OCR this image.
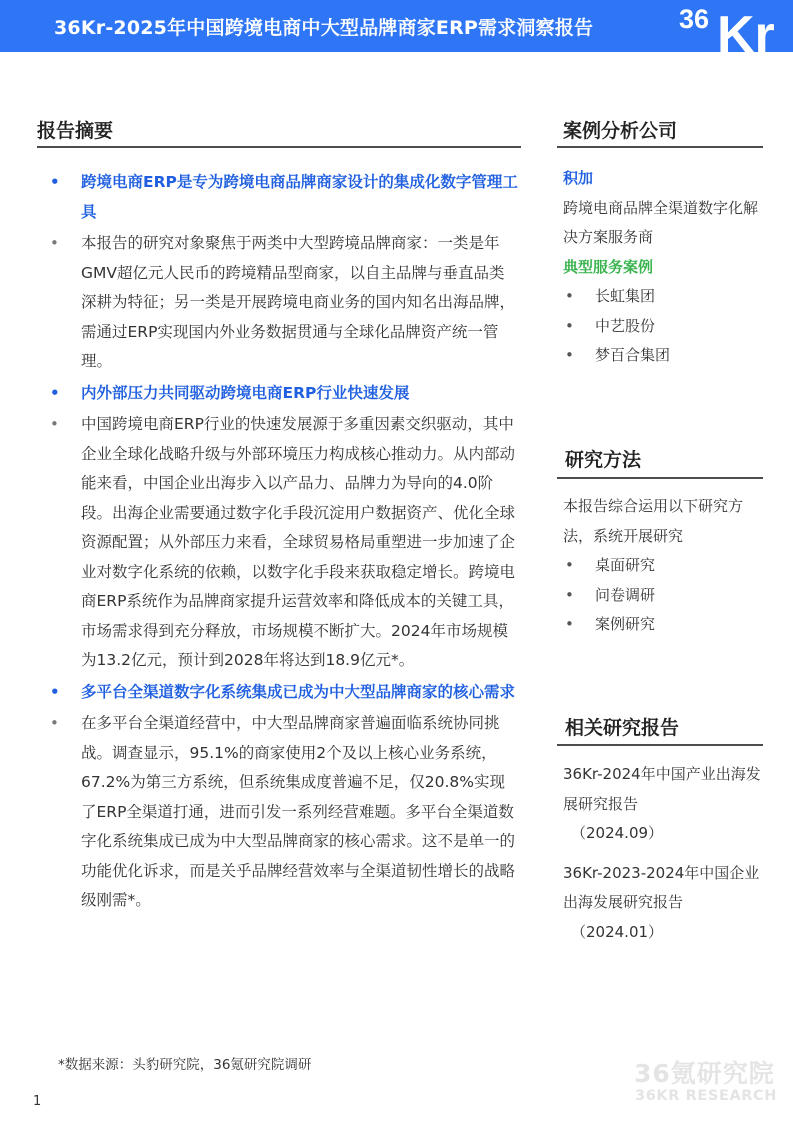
36Kr-2025年中国跨境电商中大型品牌商家ERP需求洞察报告	36 Kr
报告摘要
• 跨境电商ERP是专为跨境电商品牌商家设计的集成化数字管理工具
• 本报告的研究对象聚焦于两类中大型跨境品牌商家：一类是年GMV超亿元人民币的跨境精品型商家，以自主品牌与垂直品类深耕为特征；另一类是开展跨境电商业务的国内知名出海品牌，需通过ERP实现国内外业务数据贯通与全球化品牌资产统一管理。
• 内外部压力共同驱动跨境电商ERP行业快速发展
• 中国跨境电商ERP行业的快速发展源于多重因素交织驱动，其中企业全球化战略升级与外部环境压力构成核心推动力。从内部动能来看，中国企业出海步入以产品力、品牌力为导向的4.0阶段。出海企业需要通过数字化手段沉淀用户数据资产、优化全球资源配置；从外部压力来看，全球贸易格局重塑进一步加速了企业对数字化系统的依赖，以数字化手段来获取稳定增长。跨境电商ERP系统作为品牌商家提升运营效率和降低成本的关键工具，市场需求得到充分释放，市场规模不断扩大。2024年市场规模为13.2亿元，预计到2028年将达到18.9亿元*。
• 多平台全渠道数字化系统集成已成为中大型品牌商家的核心需求
• 在多平台全渠道经营中，中大型品牌商家普遍面临系统协同挑战。调查显示，95.1%的商家使用2个及以上核心业务系统，67.2%为第三方系统，但系统集成度普遍不足，仅20.8%实现了ERP全渠道打通，进而引发一系列经营难题。多平台全渠道数字化系统集成已成为中大型品牌商家的核心需求。这不是单一的功能优化诉求，而是关乎品牌经营效率与全渠道韧性增长的战略级刚需*。
案例分析公司
积加
跨境电商品牌全渠道数字化解决方案服务商
典型服务案例
• 长虹集团
• 中艺股份
• 梦百合集团
研究方法
本报告综合运用以下研究方法，系统开展研究
• 桌面研究
• 问卷调研
• 案例研究
相关研究报告
36Kr-2024年中国产业出海发展研究报告
（2024.09）
36Kr-2023-2024年中国企业出海发展研究报告
（2024.01）
*数据来源：头豹研究院，36氪研究院调研
1
36氪研究院
36KR RESEARCH
